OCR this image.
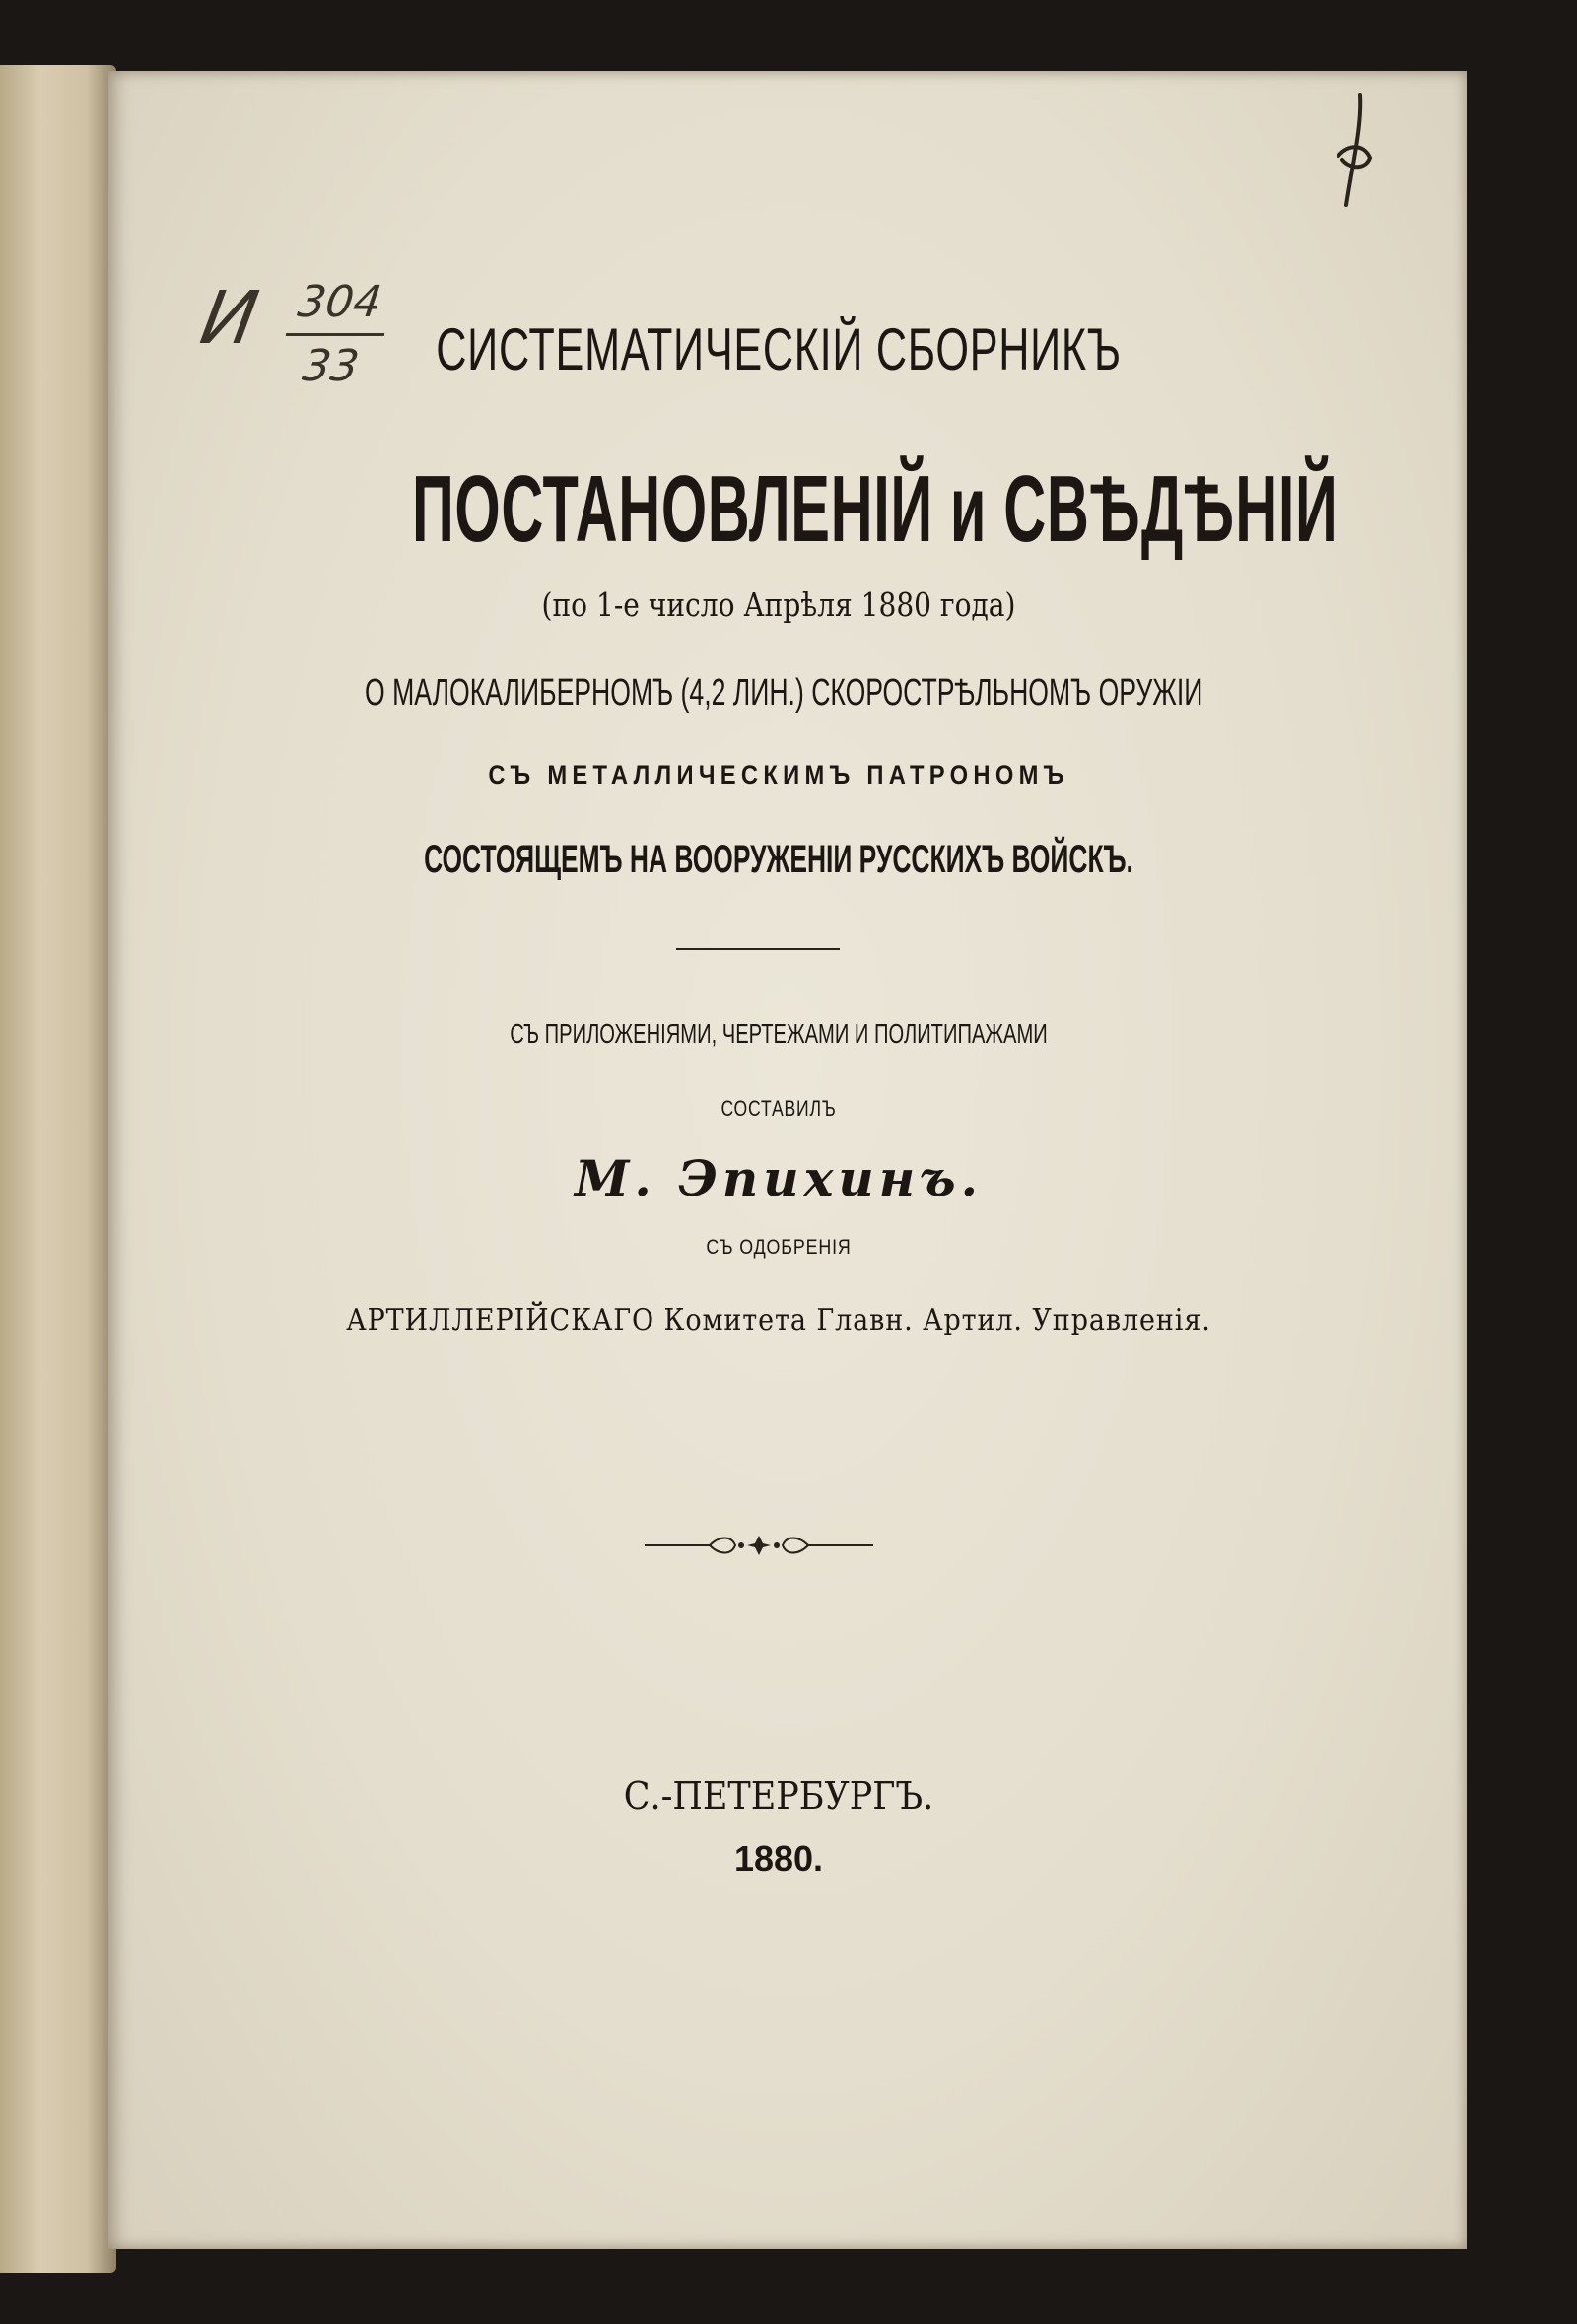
И 304
33	СИСТЕМАТИЧЕСКІЙ СБОРНИКЪ
ПОСТАНОВЛЕНІЙ и СВѢДѢНІЙ

(по 1-е число Апрѣля 1880 года)

О МАЛОКАЛИБЕРНОМЪ (4,2 ЛИН.) СКОРОСТРѢЛЬНОМЪ ОРУЖІИ

СЪ МЕТАЛЛИЧЕСКИМЪ ПАТРОНОМЪ

СОСТОЯЩЕМЪ НА ВООРУЖЕНІИ РУССКИХЪ ВОЙСКЪ.

СЪ ПРИЛОЖЕНІЯМИ, ЧЕРТЕЖАМИ И ПОЛИТИПАЖАМИ

СОСТАВИЛЪ

М. Эпихинъ.

СЪ ОДОБРЕНІЯ

АРТИЛЛЕРІЙСКАГО Комитета Главн. Артил. Управленія.

С.-ПЕТЕРБУРГЪ.

1880.
